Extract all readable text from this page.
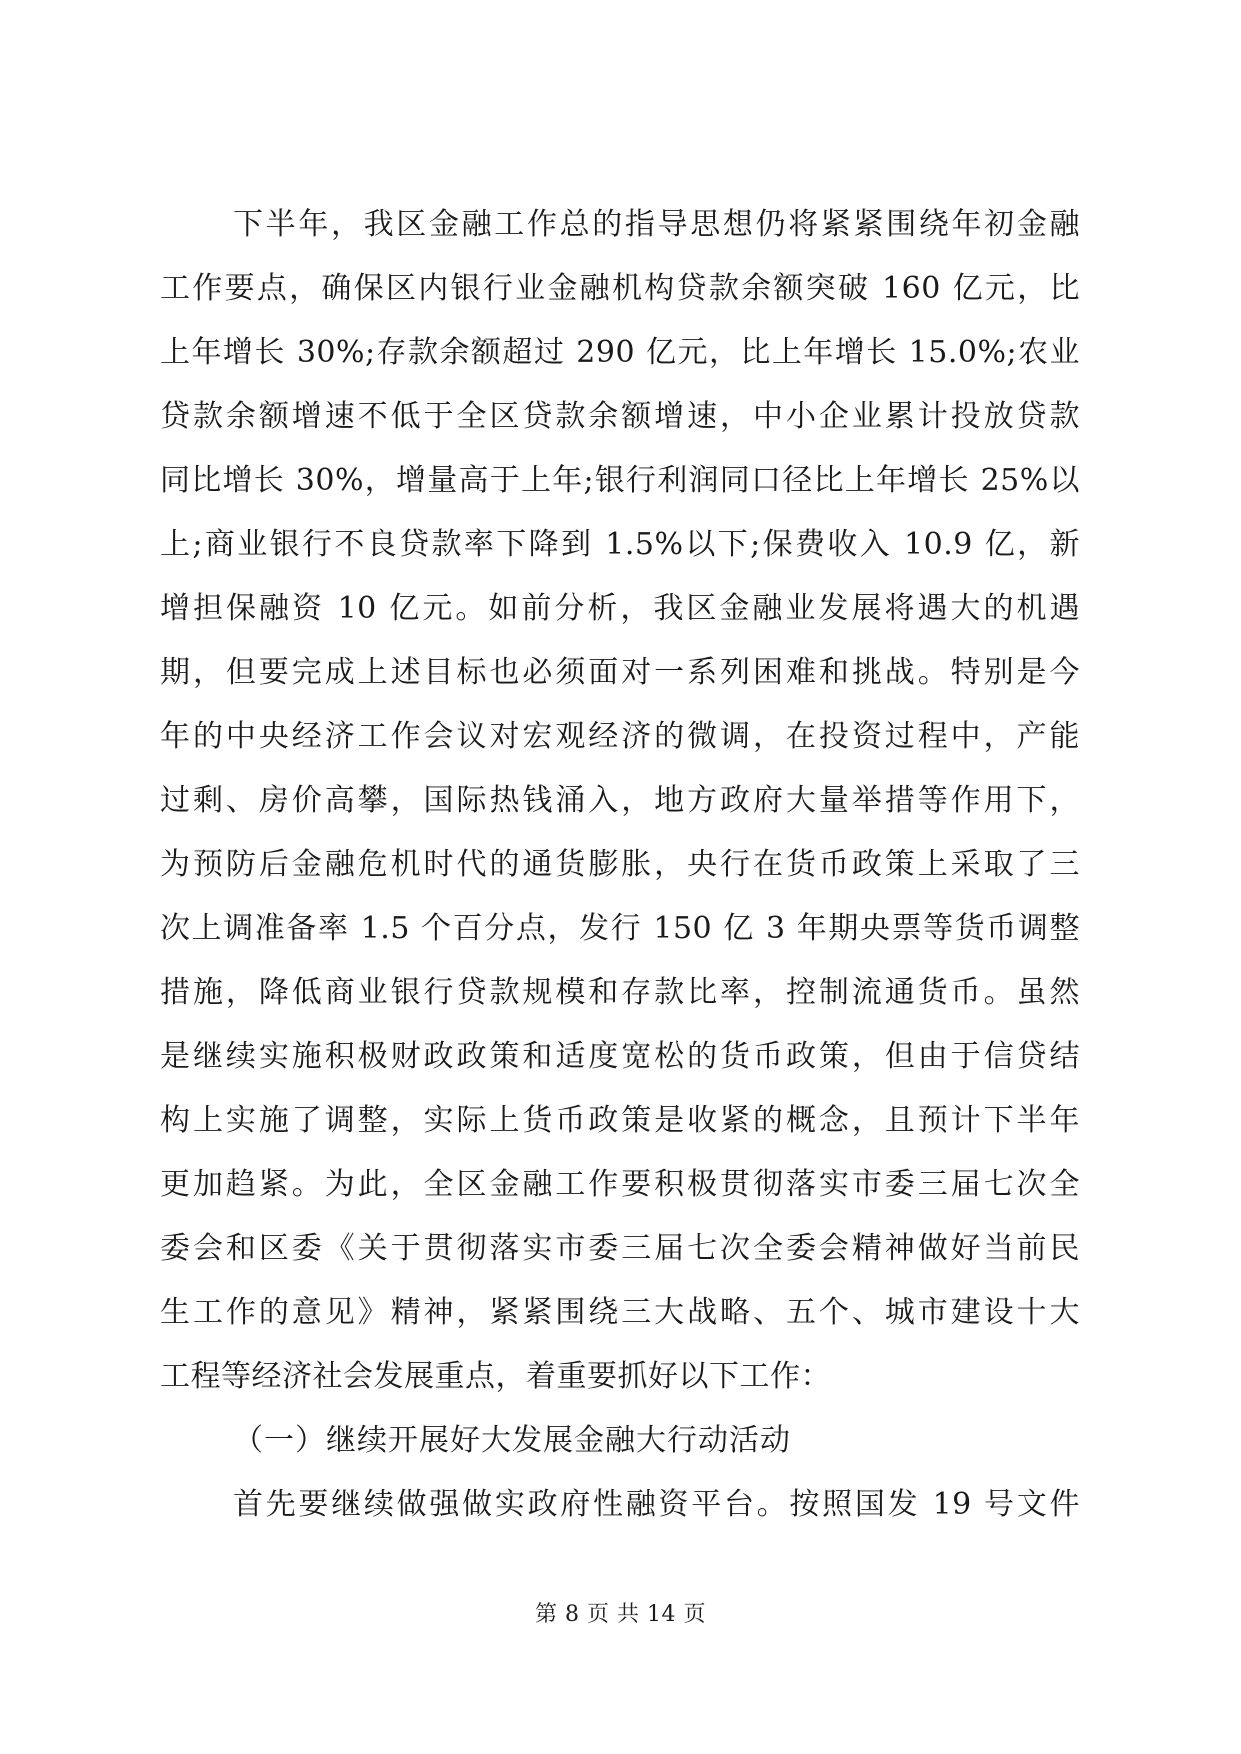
下半年，我区金融工作总的指导思想仍将紧紧围绕年初金融
工作要点，确保区内银行业金融机构贷款余额突破 160 亿元，比
上年增长 30%;存款余额超过 290 亿元，比上年增长 15.0%;农业
贷款余额增速不低于全区贷款余额增速，中小企业累计投放贷款
同比增长 30%，增量高于上年;银行利润同口径比上年增长 25%以
上;商业银行不良贷款率下降到 1.5%以下;保费收入 10.9 亿，新
增担保融资 10 亿元。如前分析，我区金融业发展将遇大的机遇
期，但要完成上述目标也必须面对一系列困难和挑战。特别是今
年的中央经济工作会议对宏观经济的微调，在投资过程中，产能
过剩、房价高攀，国际热钱涌入，地方政府大量举措等作用下，
为预防后金融危机时代的通货膨胀，央行在货币政策上采取了三
次上调准备率 1.5 个百分点，发行 150 亿 3 年期央票等货币调整
措施，降低商业银行贷款规模和存款比率，控制流通货币。虽然
是继续实施积极财政政策和适度宽松的货币政策，但由于信贷结
构上实施了调整，实际上货币政策是收紧的概念，且预计下半年
更加趋紧。为此，全区金融工作要积极贯彻落实市委三届七次全
委会和区委《关于贯彻落实市委三届七次全委会精神做好当前民
生工作的意见》精神，紧紧围绕三大战略、五个、城市建设十大
工程等经济社会发展重点，着重要抓好以下工作：
（一）继续开展好大发展金融大行动活动
首先要继续做强做实政府性融资平台。按照国发 19 号文件
第 8 页 共 14 页
